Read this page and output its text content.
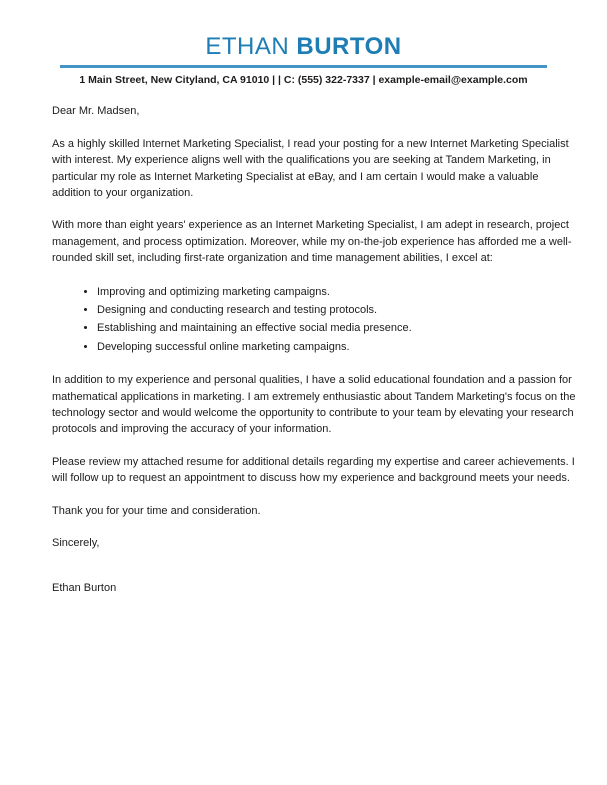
ETHAN BURTON
1 Main Street, New Cityland, CA 91010 | | C: (555) 322-7337 | example-email@example.com

Dear Mr. Madsen,

As a highly skilled Internet Marketing Specialist, I read your posting for a new Internet Marketing Specialist with interest. My experience aligns well with the qualifications you are seeking at Tandem Marketing, in particular my role as Internet Marketing Specialist at eBay, and I am certain I would make a valuable addition to your organization.

With more than eight years' experience as an Internet Marketing Specialist, I am adept in research, project management, and process optimization. Moreover, while my on-the-job experience has afforded me a well-rounded skill set, including first-rate organization and time management abilities, I excel at:

• Improving and optimizing marketing campaigns.
• Designing and conducting research and testing protocols.
• Establishing and maintaining an effective social media presence.
• Developing successful online marketing campaigns.

In addition to my experience and personal qualities, I have a solid educational foundation and a passion for mathematical applications in marketing. I am extremely enthusiastic about Tandem Marketing's focus on the technology sector and would welcome the opportunity to contribute to your team by elevating your research protocols and improving the accuracy of your information.

Please review my attached resume for additional details regarding my expertise and career achievements. I will follow up to request an appointment to discuss how my experience and background meets your needs.

Thank you for your time and consideration.

Sincerely,

Ethan Burton
